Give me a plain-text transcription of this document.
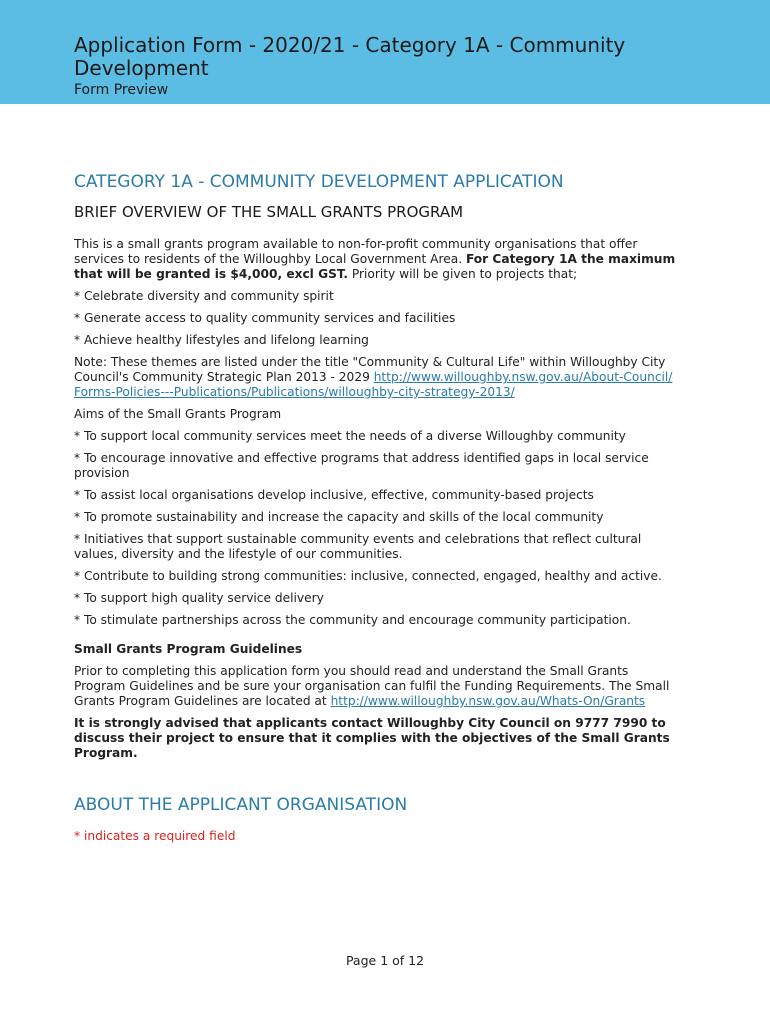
Application Form - 2020/21 - Category 1A - Community Development
Form Preview
CATEGORY 1A - COMMUNITY DEVELOPMENT APPLICATION
BRIEF OVERVIEW OF THE SMALL GRANTS PROGRAM

This is a small grants program available to non-for-profit community organisations that offer services to residents of the Willoughby Local Government Area. For Category 1A the maximum that will be granted is $4,000, excl GST. Priority will be given to projects that;

* Celebrate diversity and community spirit

* Generate access to quality community services and facilities

* Achieve healthy lifestyles and lifelong learning

Note: These themes are listed under the title "Community & Cultural Life" within Willoughby City Council's Community Strategic Plan 2013 - 2029 http://www.willoughby.nsw.gov.au/About-Council/Forms-Policies---Publications/Publications/willoughby-city-strategy-2013/

Aims of the Small Grants Program

* To support local community services meet the needs of a diverse Willoughby community

* To encourage innovative and effective programs that address identified gaps in local service provision

* To assist local organisations develop inclusive, effective, community-based projects

* To promote sustainability and increase the capacity and skills of the local community

* Initiatives that support sustainable community events and celebrations that reflect cultural values, diversity and the lifestyle of our communities.

* Contribute to building strong communities: inclusive, connected, engaged, healthy and active.

* To support high quality service delivery

* To stimulate partnerships across the community and encourage community participation.

Small Grants Program Guidelines

Prior to completing this application form you should read and understand the Small Grants Program Guidelines and be sure your organisation can fulfil the Funding Requirements. The Small Grants Program Guidelines are located at http://www.willoughby.nsw.gov.au/Whats-On/Grants

It is strongly advised that applicants contact Willoughby City Council on 9777 7990 to discuss their project to ensure that it complies with the objectives of the Small Grants Program.

ABOUT THE APPLICANT ORGANISATION
* indicates a required field
Page 1 of 12
